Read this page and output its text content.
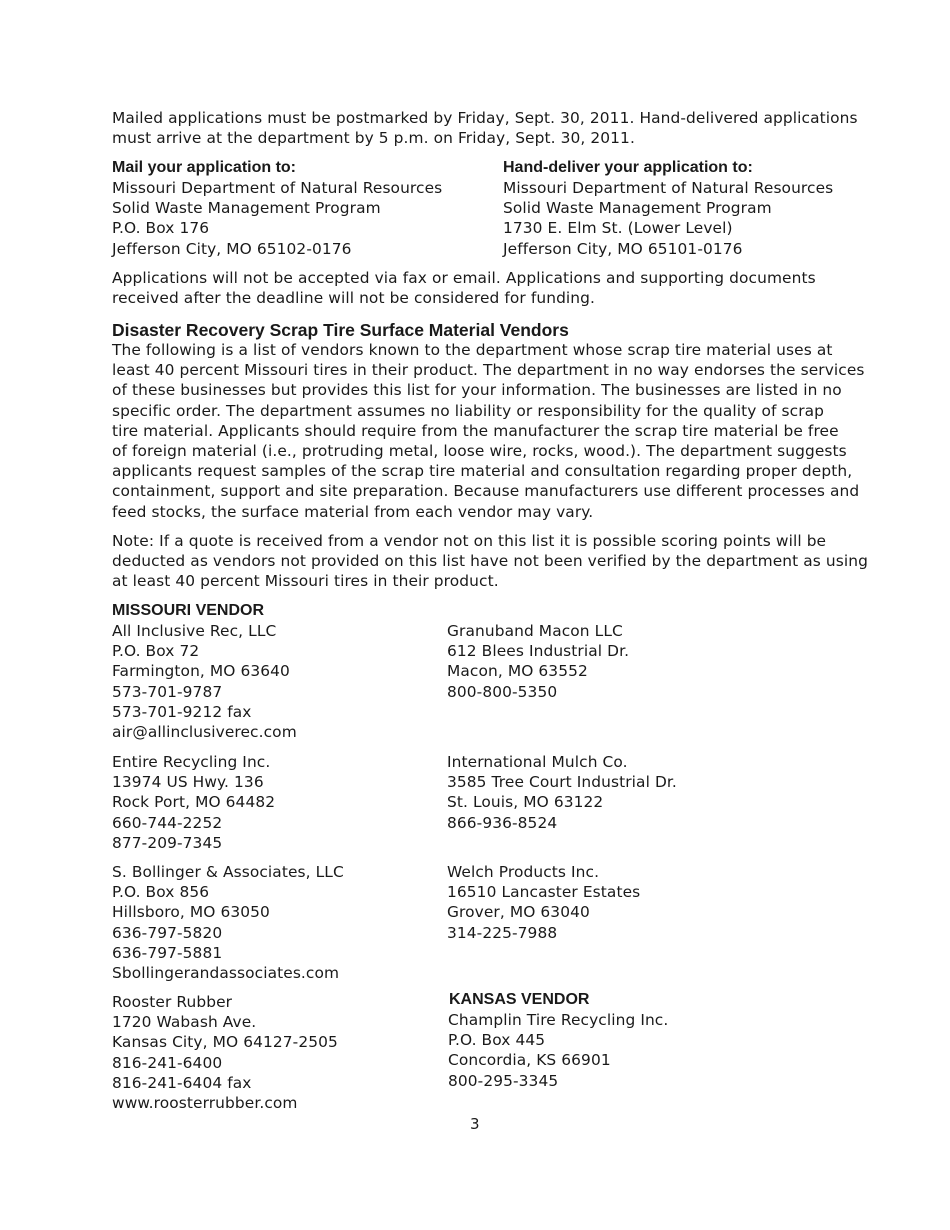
Mailed applications must be postmarked by Friday, Sept. 30, 2011. Hand-delivered applications
must arrive at the department by 5 p.m. on Friday, Sept. 30, 2011.
Mail your application to:
Missouri Department of Natural Resources
Solid Waste Management Program
P.O. Box 176
Jefferson City, MO 65102-0176
Hand-deliver your application to:
Missouri Department of Natural Resources
Solid Waste Management Program
1730 E. Elm St. (Lower Level)
Jefferson City, MO 65101-0176
Applications will not be accepted via fax or email. Applications and supporting documents
received after the deadline will not be considered for funding.
Disaster Recovery Scrap Tire Surface Material Vendors
The following is a list of vendors known to the department whose scrap tire material uses at
least 40 percent Missouri tires in their product. The department in no way endorses the services
of these businesses but provides this list for your information. The businesses are listed in no
specific order. The department assumes no liability or responsibility for the quality of scrap
tire material. Applicants should require from the manufacturer the scrap tire material be free
of foreign material (i.e., protruding metal, loose wire, rocks, wood.). The department suggests
applicants request samples of the scrap tire material and consultation regarding proper depth,
containment, support and site preparation. Because manufacturers use different processes and
feed stocks, the surface material from each vendor may vary.
Note: If a quote is received from a vendor not on this list it is possible scoring points will be
deducted as vendors not provided on this list have not been verified by the department as using
at least 40 percent Missouri tires in their product.
MISSOURI VENDOR
All Inclusive Rec, LLC
P.O. Box 72
Farmington, MO 63640
573-701-9787
573-701-9212 fax
air@allinclusiverec.com
Granuband Macon LLC
612 Blees Industrial Dr.
Macon, MO 63552
800-800-5350
Entire Recycling Inc.
13974 US Hwy. 136
Rock Port, MO 64482
660-744-2252
877-209-7345
International Mulch Co.
3585 Tree Court Industrial Dr.
St. Louis, MO 63122
866-936-8524
S. Bollinger & Associates, LLC
P.O. Box 856
Hillsboro, MO 63050
636-797-5820
636-797-5881
Sbollingerandassociates.com
Welch Products Inc.
16510 Lancaster Estates
Grover, MO 63040
314-225-7988
Rooster Rubber
1720 Wabash Ave.
Kansas City, MO 64127-2505
816-241-6400
816-241-6404 fax
www.roosterrubber.com
KANSAS VENDOR
Champlin Tire Recycling Inc.
P.O. Box 445
Concordia, KS 66901
800-295-3345
3
